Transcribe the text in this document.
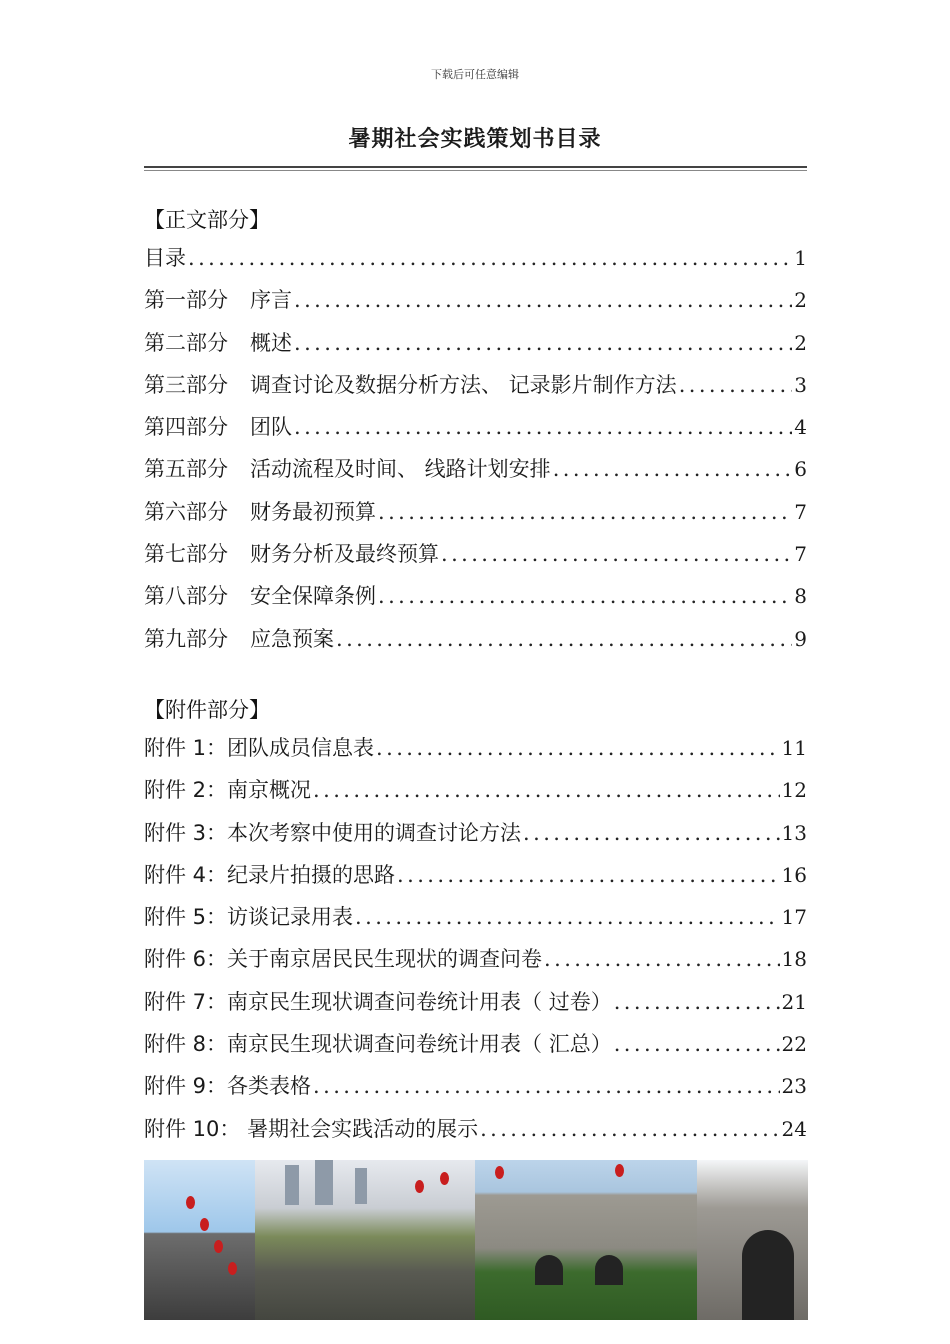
下载后可任意编辑
暑期社会实践策划书目录
【正文部分】
目录 .....	1
第一部分 序言 .....	2
第二部分 概述 .....	2
第三部分 调查讨论及数据分析方法、 记录影片制作方法 .....	3
第四部分 团队 .....	4
第五部分 活动流程及时间、 线路计划安排 .....	6
第六部分 财务最初预算 .....	7
第七部分 财务分析及最终预算 .....	7
第八部分 安全保障条例 .....	8
第九部分 应急预案 .....	9
【附件部分】
附件 1：团队成员信息表 .....	11
附件 2：南京概况 .....	12
附件 3：本次考察中使用的调查讨论方法 .....	13
附件 4：纪录片拍摄的思路 .....	16
附件 5：访谈记录用表 .....	17
附件 6：关于南京居民民生现状的调查问卷 .....	18
附件 7：南京民生现状调查问卷统计用表（ 过卷） .....	21
附件 8：南京民生现状调查问卷统计用表（ 汇总） .....	22
附件 9：各类表格 .....	23
附件 10： 暑期社会实践活动的展示 .....	24
